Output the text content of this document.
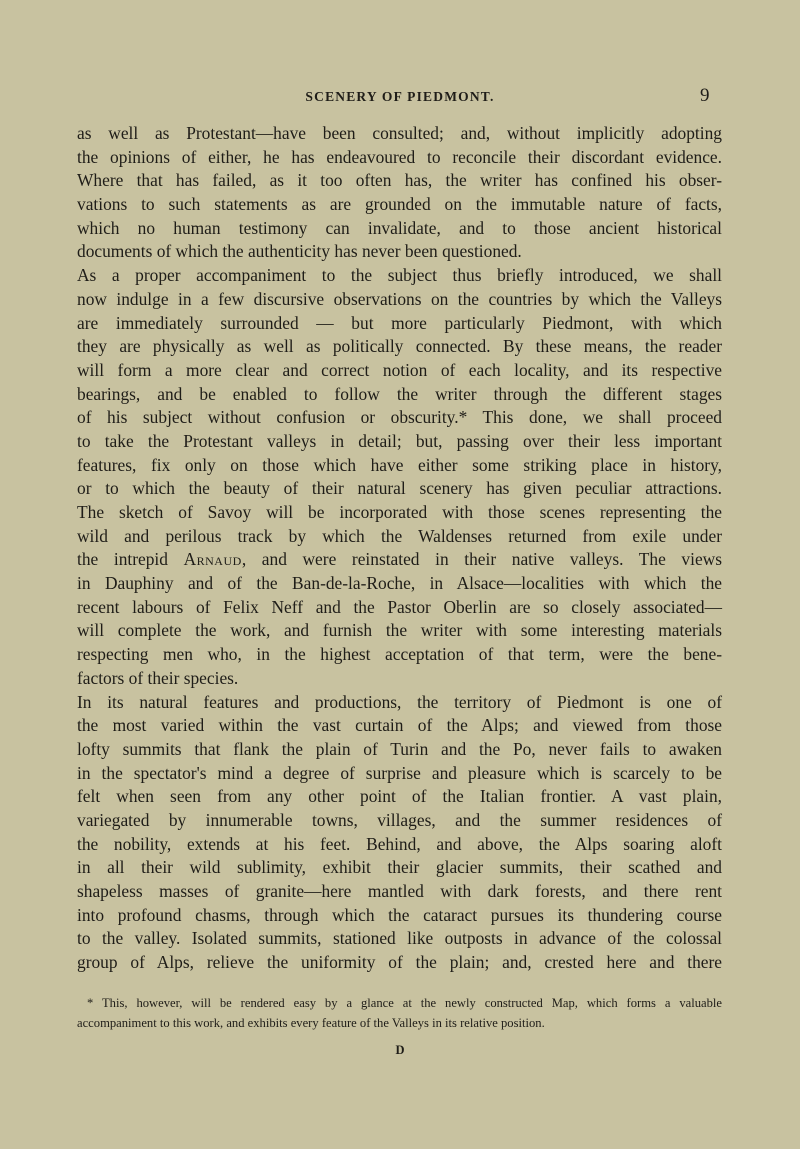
SCENERY OF PIEDMONT.	9
as well as Protestant—have been consulted; and, without implicitly adopting
the opinions of either, he has endeavoured to reconcile their discordant evidence.
Where that has failed, as it too often has, the writer has confined his obser-
vations to such statements as are grounded on the immutable nature of facts,
which no human testimony can invalidate, and to those ancient historical
documents of which the authenticity has never been questioned.
As a proper accompaniment to the subject thus briefly introduced, we shall
now indulge in a few discursive observations on the countries by which the Valleys
are immediately surrounded — but more particularly Piedmont, with which
they are physically as well as politically connected. By these means, the reader
will form a more clear and correct notion of each locality, and its respective
bearings, and be enabled to follow the writer through the different stages
of his subject without confusion or obscurity.* This done, we shall proceed
to take the Protestant valleys in detail; but, passing over their less important
features, fix only on those which have either some striking place in history,
or to which the beauty of their natural scenery has given peculiar attractions.
The sketch of Savoy will be incorporated with those scenes representing the
wild and perilous track by which the Waldenses returned from exile under
the intrepid Arnaud, and were reinstated in their native valleys. The views
in Dauphiny and of the Ban-de-la-Roche, in Alsace—localities with which the
recent labours of Felix Neff and the Pastor Oberlin are so closely associated—
will complete the work, and furnish the writer with some interesting materials
respecting men who, in the highest acceptation of that term, were the bene-
factors of their species.
In its natural features and productions, the territory of Piedmont is one of
the most varied within the vast curtain of the Alps; and viewed from those
lofty summits that flank the plain of Turin and the Po, never fails to awaken
in the spectator's mind a degree of surprise and pleasure which is scarcely to be
felt when seen from any other point of the Italian frontier. A vast plain,
variegated by innumerable towns, villages, and the summer residences of
the nobility, extends at his feet. Behind, and above, the Alps soaring aloft
in all their wild sublimity, exhibit their glacier summits, their scathed and
shapeless masses of granite—here mantled with dark forests, and there rent
into profound chasms, through which the cataract pursues its thundering course
to the valley. Isolated summits, stationed like outposts in advance of the colossal
group of Alps, relieve the uniformity of the plain; and, crested here and there
* This, however, will be rendered easy by a glance at the newly constructed Map, which forms a valuable
accompaniment to this work, and exhibits every feature of the Valleys in its relative position.
D
